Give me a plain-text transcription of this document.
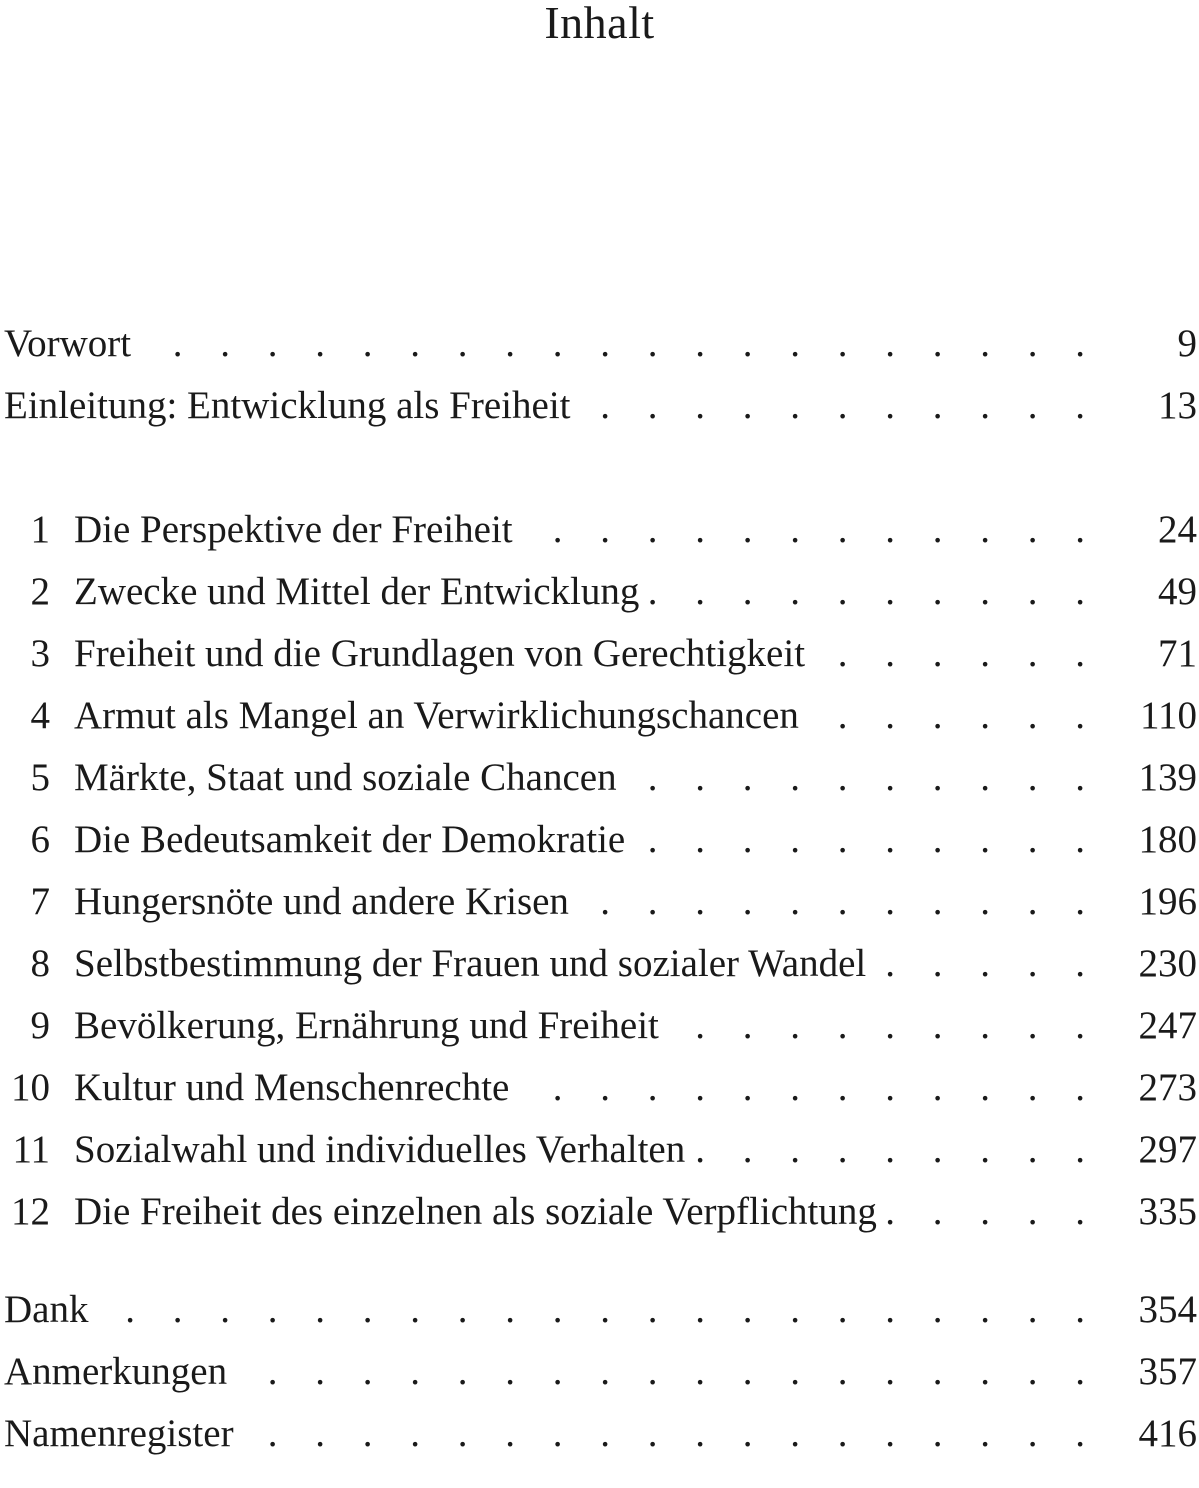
Inhalt
Vorwort . . .	9
Einleitung: Entwicklung als Freiheit . . .	13
1 Die Perspektive der Freiheit . . .	24
2 Zwecke und Mittel der Entwicklung . . .	49
3 Freiheit und die Grundlagen von Gerechtigkeit . . .	71
4 Armut als Mangel an Verwirklichungschancen . . .	110
5 Märkte, Staat und soziale Chancen . . .	139
6 Die Bedeutsamkeit der Demokratie . . .	180
7 Hungersnöte und andere Krisen . . .	196
8 Selbstbestimmung der Frauen und sozialer Wandel . . .	230
9 Bevölkerung, Ernährung und Freiheit . . .	247
10 Kultur und Menschenrechte . . .	273
11 Sozialwahl und individuelles Verhalten . . .	297
12 Die Freiheit des einzelnen als soziale Verpflichtung . . .	335
Dank . . .	354
Anmerkungen . . .	357
Namenregister . . .	416
